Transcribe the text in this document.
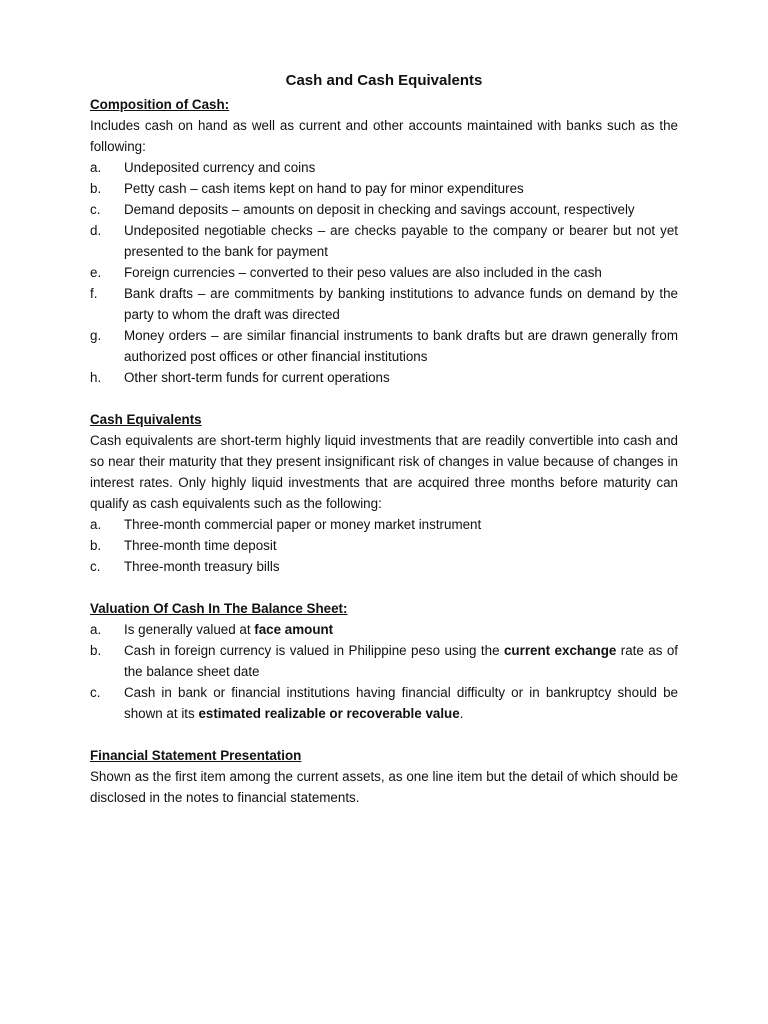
Cash and Cash Equivalents
Composition of Cash:
Includes cash on hand as well as current and other accounts maintained with banks such as the following:
a.	Undeposited currency and coins
b.	Petty cash – cash items kept on hand to pay for minor expenditures
c.	Demand deposits – amounts on deposit in checking and savings account, respectively
d.	Undeposited negotiable checks – are checks payable to the company or bearer but not yet presented to the bank for payment
e.	Foreign currencies – converted to their peso values are also included in the cash
f.	Bank drafts – are commitments by banking institutions to advance funds on demand by the party to whom the draft was directed
g.	Money orders – are similar financial instruments to bank drafts but are drawn generally from authorized post offices or other financial institutions
h.	Other short-term funds for current operations
Cash Equivalents
Cash equivalents are short-term highly liquid investments that are readily convertible into cash and so near their maturity that they present insignificant risk of changes in value because of changes in interest rates. Only highly liquid investments that are acquired three months before maturity can qualify as cash equivalents such as the following:
a.	Three-month commercial paper or money market instrument
b.	Three-month time deposit
c.	Three-month treasury bills
Valuation Of Cash In The Balance Sheet:
a.	Is generally valued at face amount
b.	Cash in foreign currency is valued in Philippine peso using the current exchange rate as of the balance sheet date
c.	Cash in bank or financial institutions having financial difficulty or in bankruptcy should be shown at its estimated realizable or recoverable value.
Financial Statement Presentation
Shown as the first item among the current assets, as one line item but the detail of which should be disclosed in the notes to financial statements.
